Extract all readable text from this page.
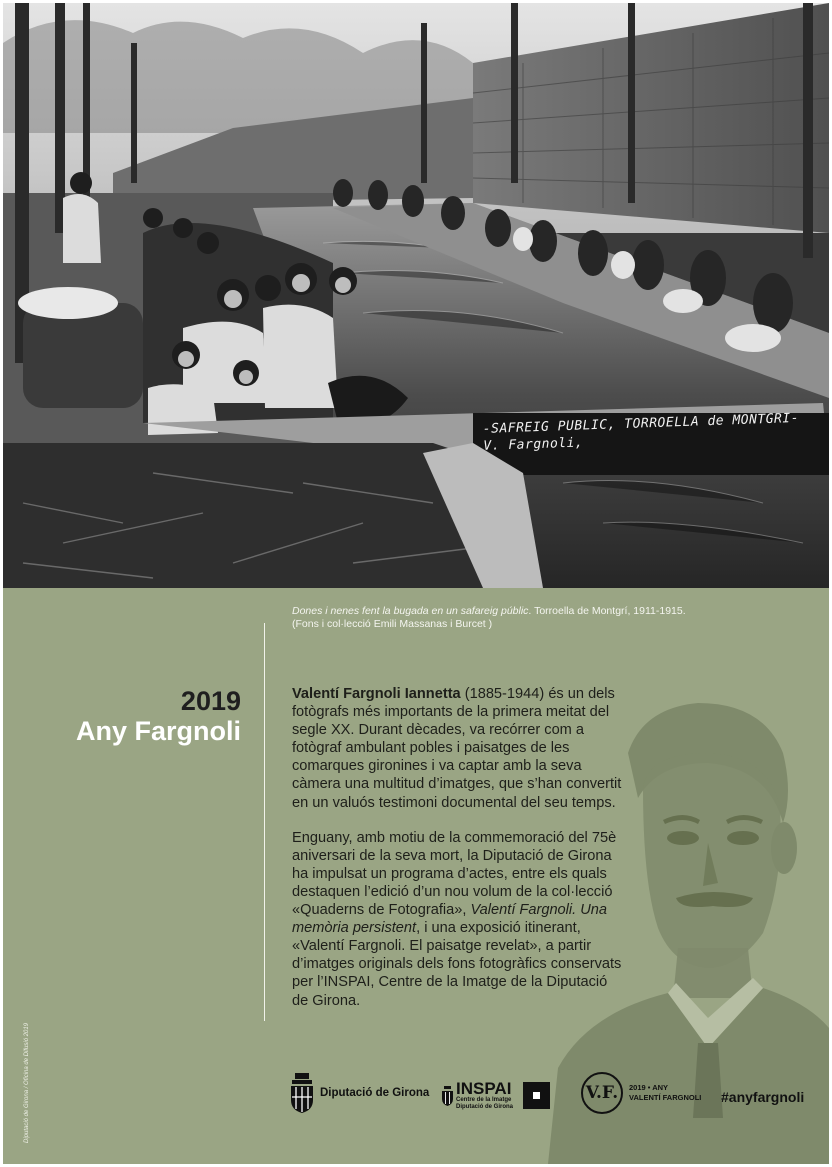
-SAFREIG PUBLIC, TORROELLA de MONTGRI-
V. Fargnoli,
Dones i nenes fent la bugada en un safareig públic. Torroella de Montgrí, 1911-1915.
(Fons i col·lecció Emili Massanas i Burcet )
2019
Any Fargnoli

Valentí Fargnoli Iannetta (1885-1944) és un dels fotògrafs més importants de la primera meitat del segle XX. Durant dècades, va recórrer com a fotògraf ambulant pobles i paisatges de les comarques gironines i va captar amb la seva càmera una multitud d’imatges, que s’han convertit en un valuós testimoni documental del seu temps.

Enguany, amb motiu de la commemoració del 75è aniversari de la seva mort, la Diputació de Girona ha impulsat un programa d’actes, entre els quals destaquen l’edició d’un nou volum de la col·lecció «Quaderns de Fotografia», Valentí Fargnoli. Una memòria persistent, i una exposició itinerant, «Valentí Fargnoli. El paisatge revelat», a partir d’imatges originals dels fons fotogràfics conservats per l’INSPAI, Centre de la Imatge de la Diputació de Girona.

Diputació de Girona / Oficina de Difusió 2019	Diputació de Girona INSPAI
Centre de la Imatge
Diputació de Girona
V.F.	2019 • ANY
VALENTÍ FARGNOLI #anyfargnoli
